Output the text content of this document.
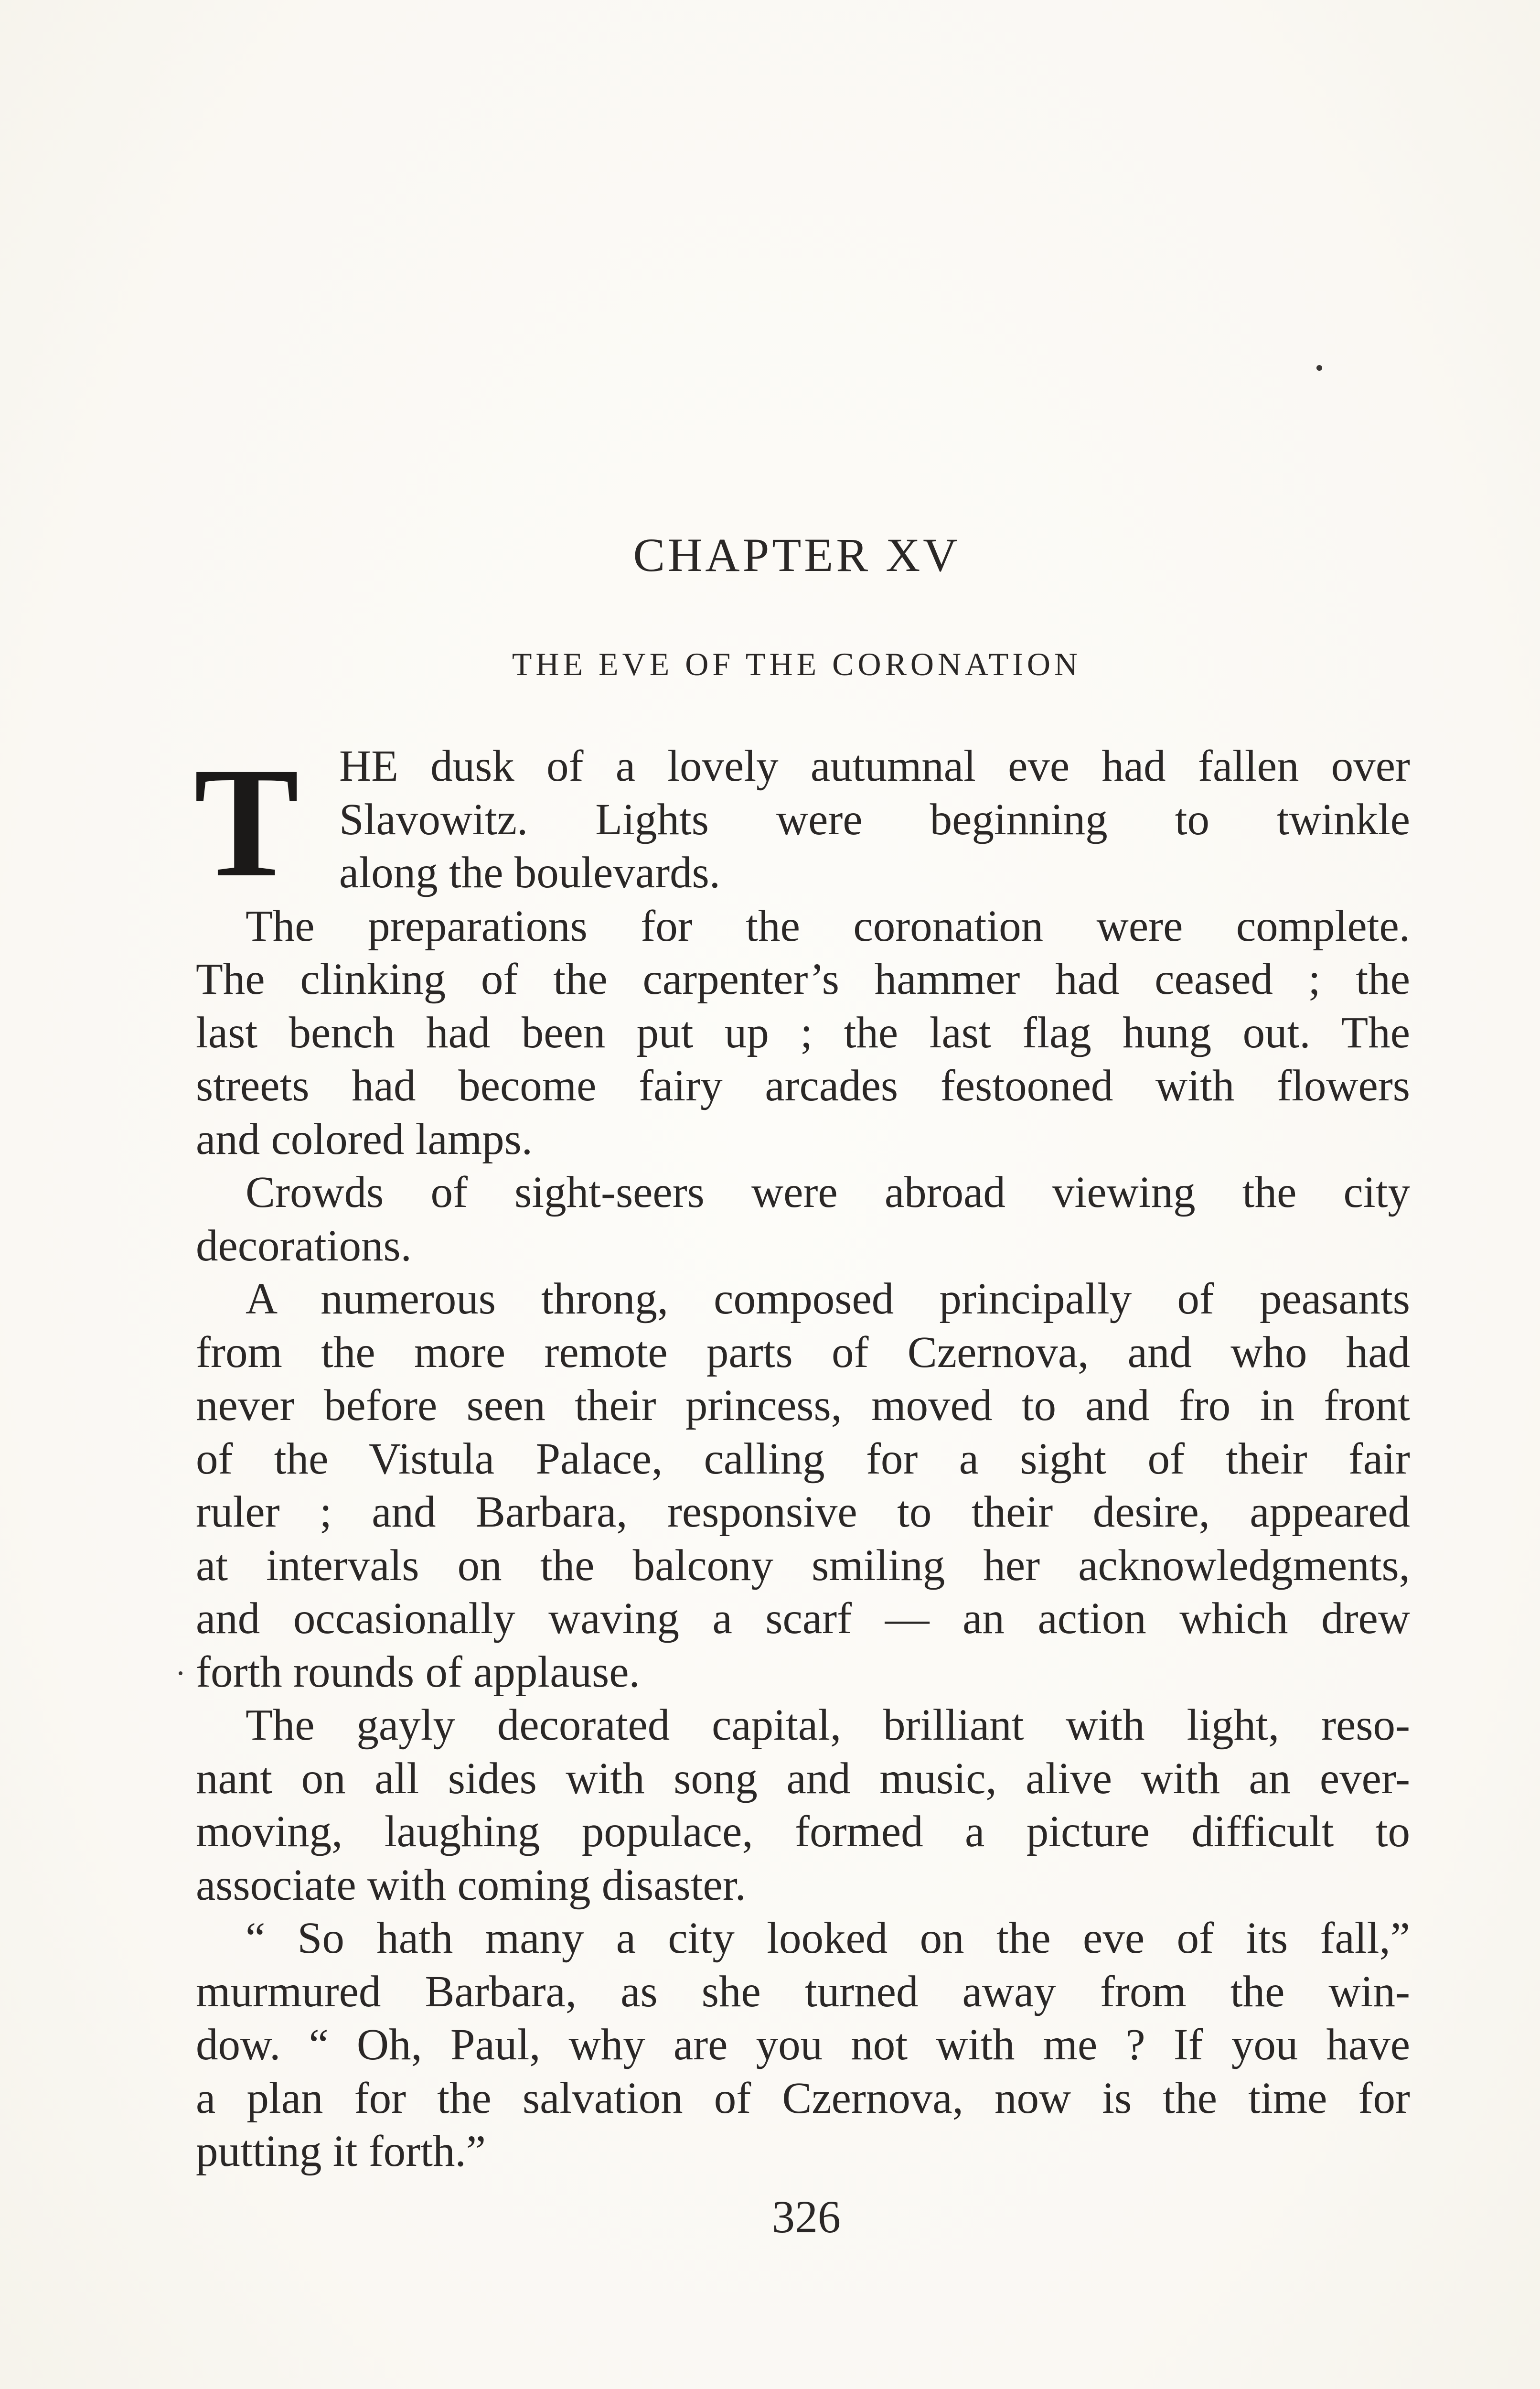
CHAPTER XV
THE EVE OF THE CORONATION
T HE dusk of a lovely autumnal eve had fallen over
Slavowitz. Lights were beginning to twinkle
along the boulevards.
The preparations for the coronation were complete.
The clinking of the carpenter’s hammer had ceased ; the
last bench had been put up ; the last flag hung out. The
streets had become fairy arcades festooned with flowers
and colored lamps.
Crowds of sight-seers were abroad viewing the city
decorations.
A numerous throng, composed principally of peasants
from the more remote parts of Czernova, and who had
never before seen their princess, moved to and fro in front
of the Vistula Palace, calling for a sight of their fair
ruler ; and Barbara, responsive to their desire, appeared
at intervals on the balcony smiling her acknowledgments,
and occasionally waving a scarf — an action which drew
forth rounds of applause.
The gayly decorated capital, brilliant with light, reso-
nant on all sides with song and music, alive with an ever-
moving, laughing populace, formed a picture difficult to
associate with coming disaster.
“ So hath many a city looked on the eve of its fall,”
murmured Barbara, as she turned away from the win-
dow. “ Oh, Paul, why are you not with me ? If you have
a plan for the salvation of Czernova, now is the time for
putting it forth.”
326
